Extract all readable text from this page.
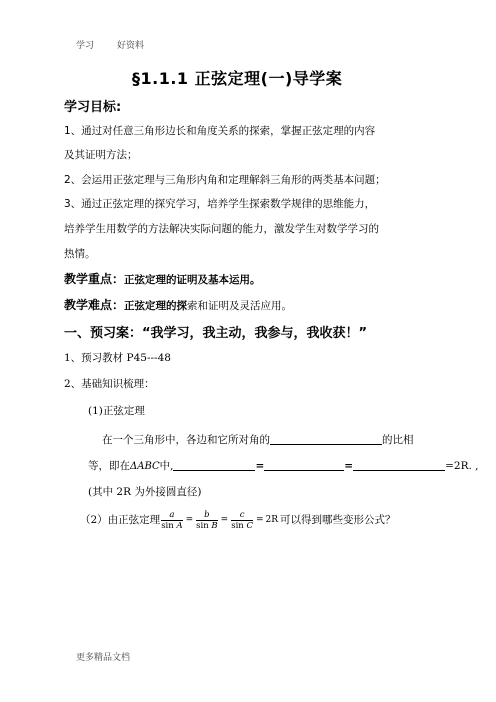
学习	好资料
§1.1.1 正弦定理(一)导学案
学习目标:
1、通过对任意三角形边长和角度关系的探索，掌握正弦定理的内容
及其证明方法；
2、会运用正弦定理与三角形内角和定理解斜三角形的两类基本问题；
3、通过正弦定理的探究学习，培养学生探索数学规律的思维能力，
培养学生用数学的方法解决实际问题的能力，激发学生对数学学习的
热情。
教学重点：正弦定理的证明及基本运用。
教学难点：正弦定理的探索和证明及灵活应用。
一、预习案：“我学习，我主动，我参与，我收获！”
1、预习教材 P45---48
2、基础知识梳理：
(1)正弦定理
在一个三角形中，各边和它所对角的	的比相
等，即在ΔABC中,	=	=	=2R. ,
(其中 2R 为外接圆直径)
（2）由正弦定理 $\frac{a}{\text{sin A}} = \frac{b}{\text{sin B}} = \frac{c}{\text{sin C}} = 2R$ 可以得到哪些变形公式？
更多精品文档
